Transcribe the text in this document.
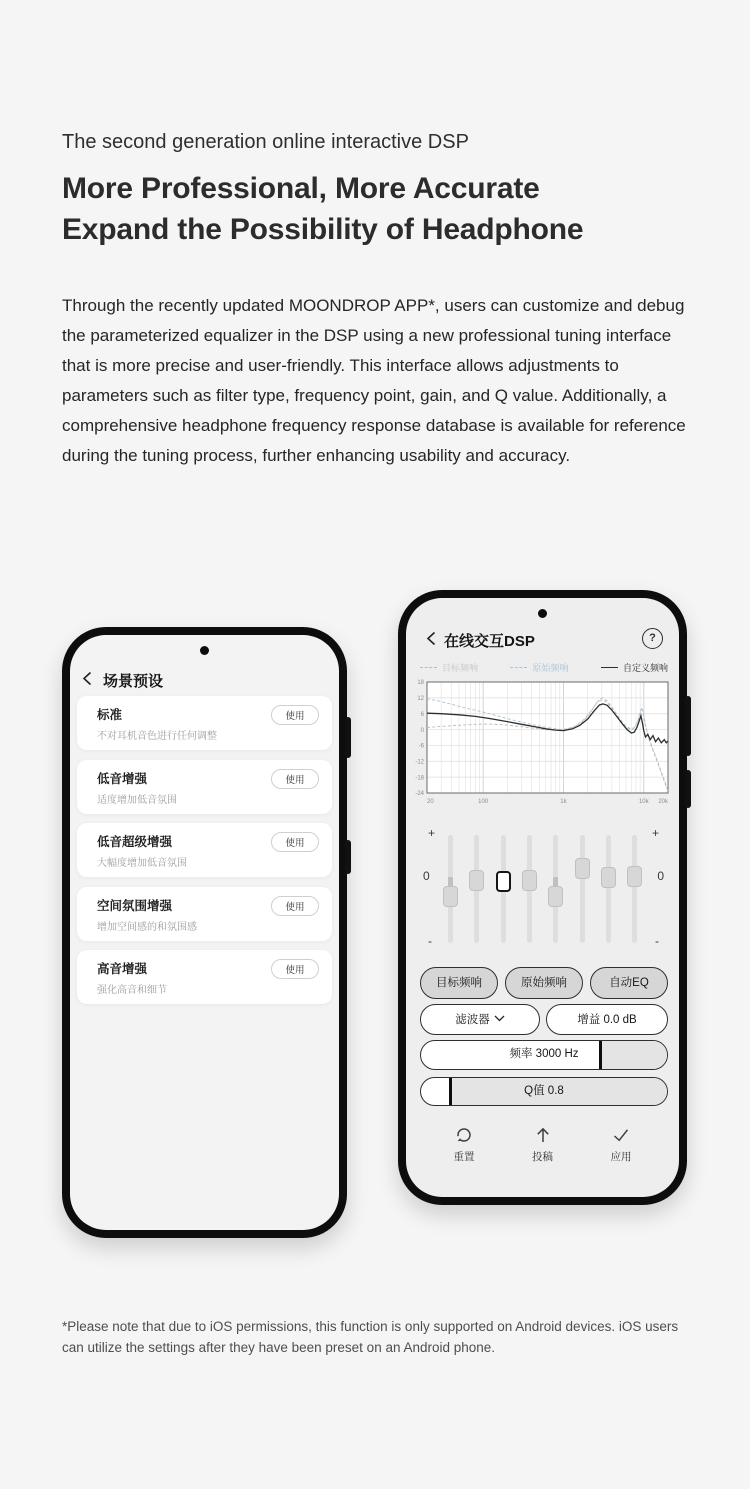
The second generation online interactive DSP
More Professional, More Accurate
Expand the Possibility of Headphone

Through the recently updated MOONDROP APP*, users can customize and debug the parameterized equalizer in the DSP using a new professional tuning interface that is more precise and user-friendly. This interface allows adjustments to parameters such as filter type, frequency point, gain, and Q value. Additionally, a comprehensive headphone frequency response database is available for reference during the tuning process, further enhancing usability and accuracy.

场景预设
标准
不对耳机音色进行任何调整
使用
低音增强
适度增加低音氛围
使用
低音超级增强
大幅度增加低音氛围
使用
空间氛围增强
增加空间感的和氛围感
使用
高音增强
强化高音和细节
使用
在线交互DSP	?
目标频响	原始频响	自定义频响
18
12
6
0
-6
-12
-18
-24
20	100	1k	10k 20k
+	+
0	0
-	-
目标频响	原始频响	自动EQ
滤波器	增益 0.0 dB
频率 3000 Hz
Q值 0.8
重置	投稿	应用

*Please note that due to iOS permissions, this function is only supported on Android devices. iOS users can utilize the settings after they have been preset on an Android phone.
